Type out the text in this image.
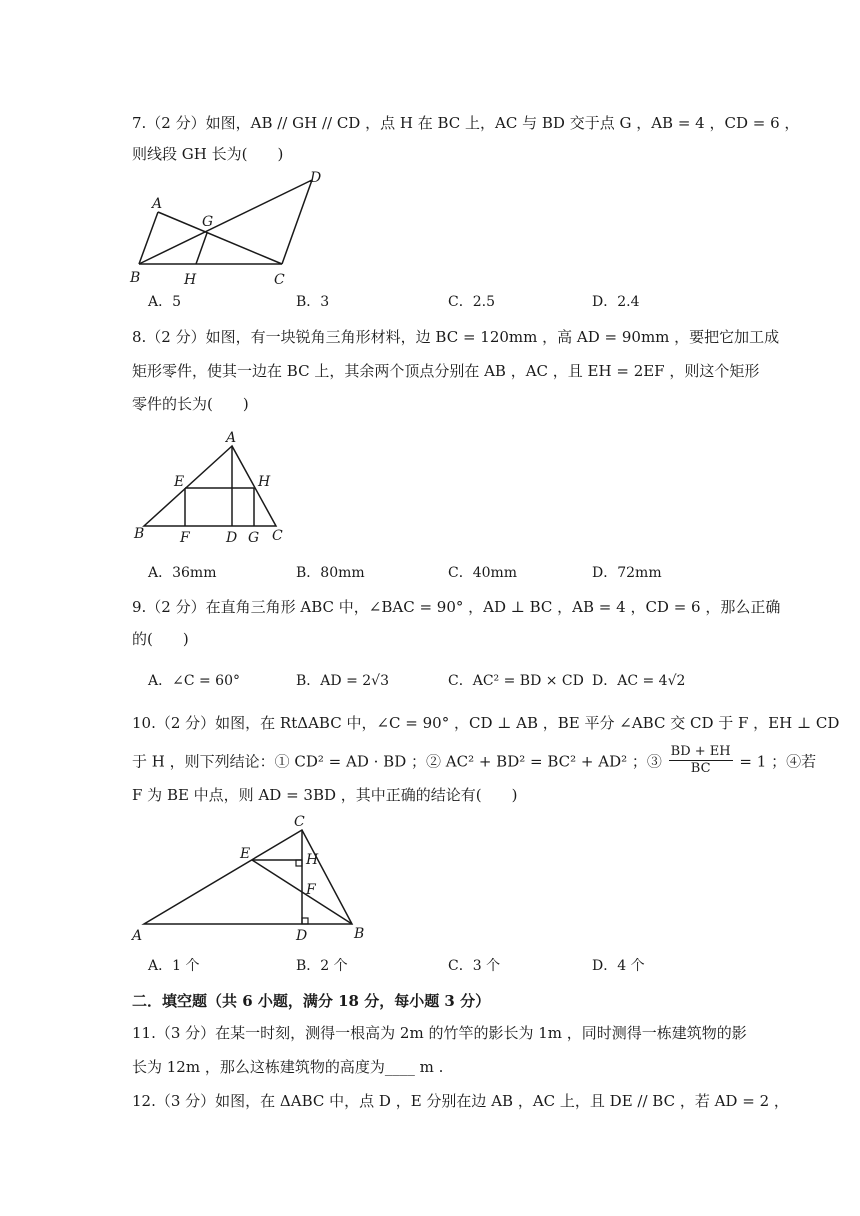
7.（2 分）如图，AB // GH // CD ，点 H 在 BC 上，AC 与 BD 交于点 G ，AB = 4 ，CD = 6 ，
则线段 GH 长为(　　)
A
D
G
B	H	C
A．5	B．3	C．2.5	D．2.4
8.（2 分）如图，有一块锐角三角形材料，边 BC = 120mm ，高 AD = 90mm ，要把它加工成
矩形零件，使其一边在 BC 上，其余两个顶点分别在 AB ，AC ，且 EH = 2EF ，则这个矩形
零件的长为(　　)
A
E	H
B	F	D G C
A．36mm	B．80mm	C．40mm	D．72mm
9.（2 分）在直角三角形 ABC 中，∠BAC = 90° ，AD ⊥ BC ，AB = 4 ，CD = 6 ，那么正确
的(　　)
A．∠C = 60°	B．AD = 2√3	C．AC² = BD × CD D．AC = 4√2
10.（2 分）如图，在 RtΔABC 中，∠C = 90° ，CD ⊥ AB ，BE 平分 ∠ABC 交 CD 于 F ，EH ⊥ CD
于 H ，则下列结论：① CD² = AD · BD ；② AC² + BD² = BC² + AD² ；③ $\frac{BD + EH}{BC} = 1$ ；④若
F 为 BE 中点，则 AD = 3BD ，其中正确的结论有(　　)
C
E	H
F
A	D	B
A．1 个	B．2 个	C．3 个	D．4 个
二．填空题（共 6 小题，满分 18 分，每小题 3 分）
11.（3 分）在某一时刻，测得一根高为 2m 的竹竿的影长为 1m ，同时测得一栋建筑物的影
长为 12m ，那么这栋建筑物的高度为____ m .
12.（3 分）如图，在 ΔABC 中，点 D ，E 分别在边 AB ，AC 上，且 DE // BC ，若 AD = 2 ，
